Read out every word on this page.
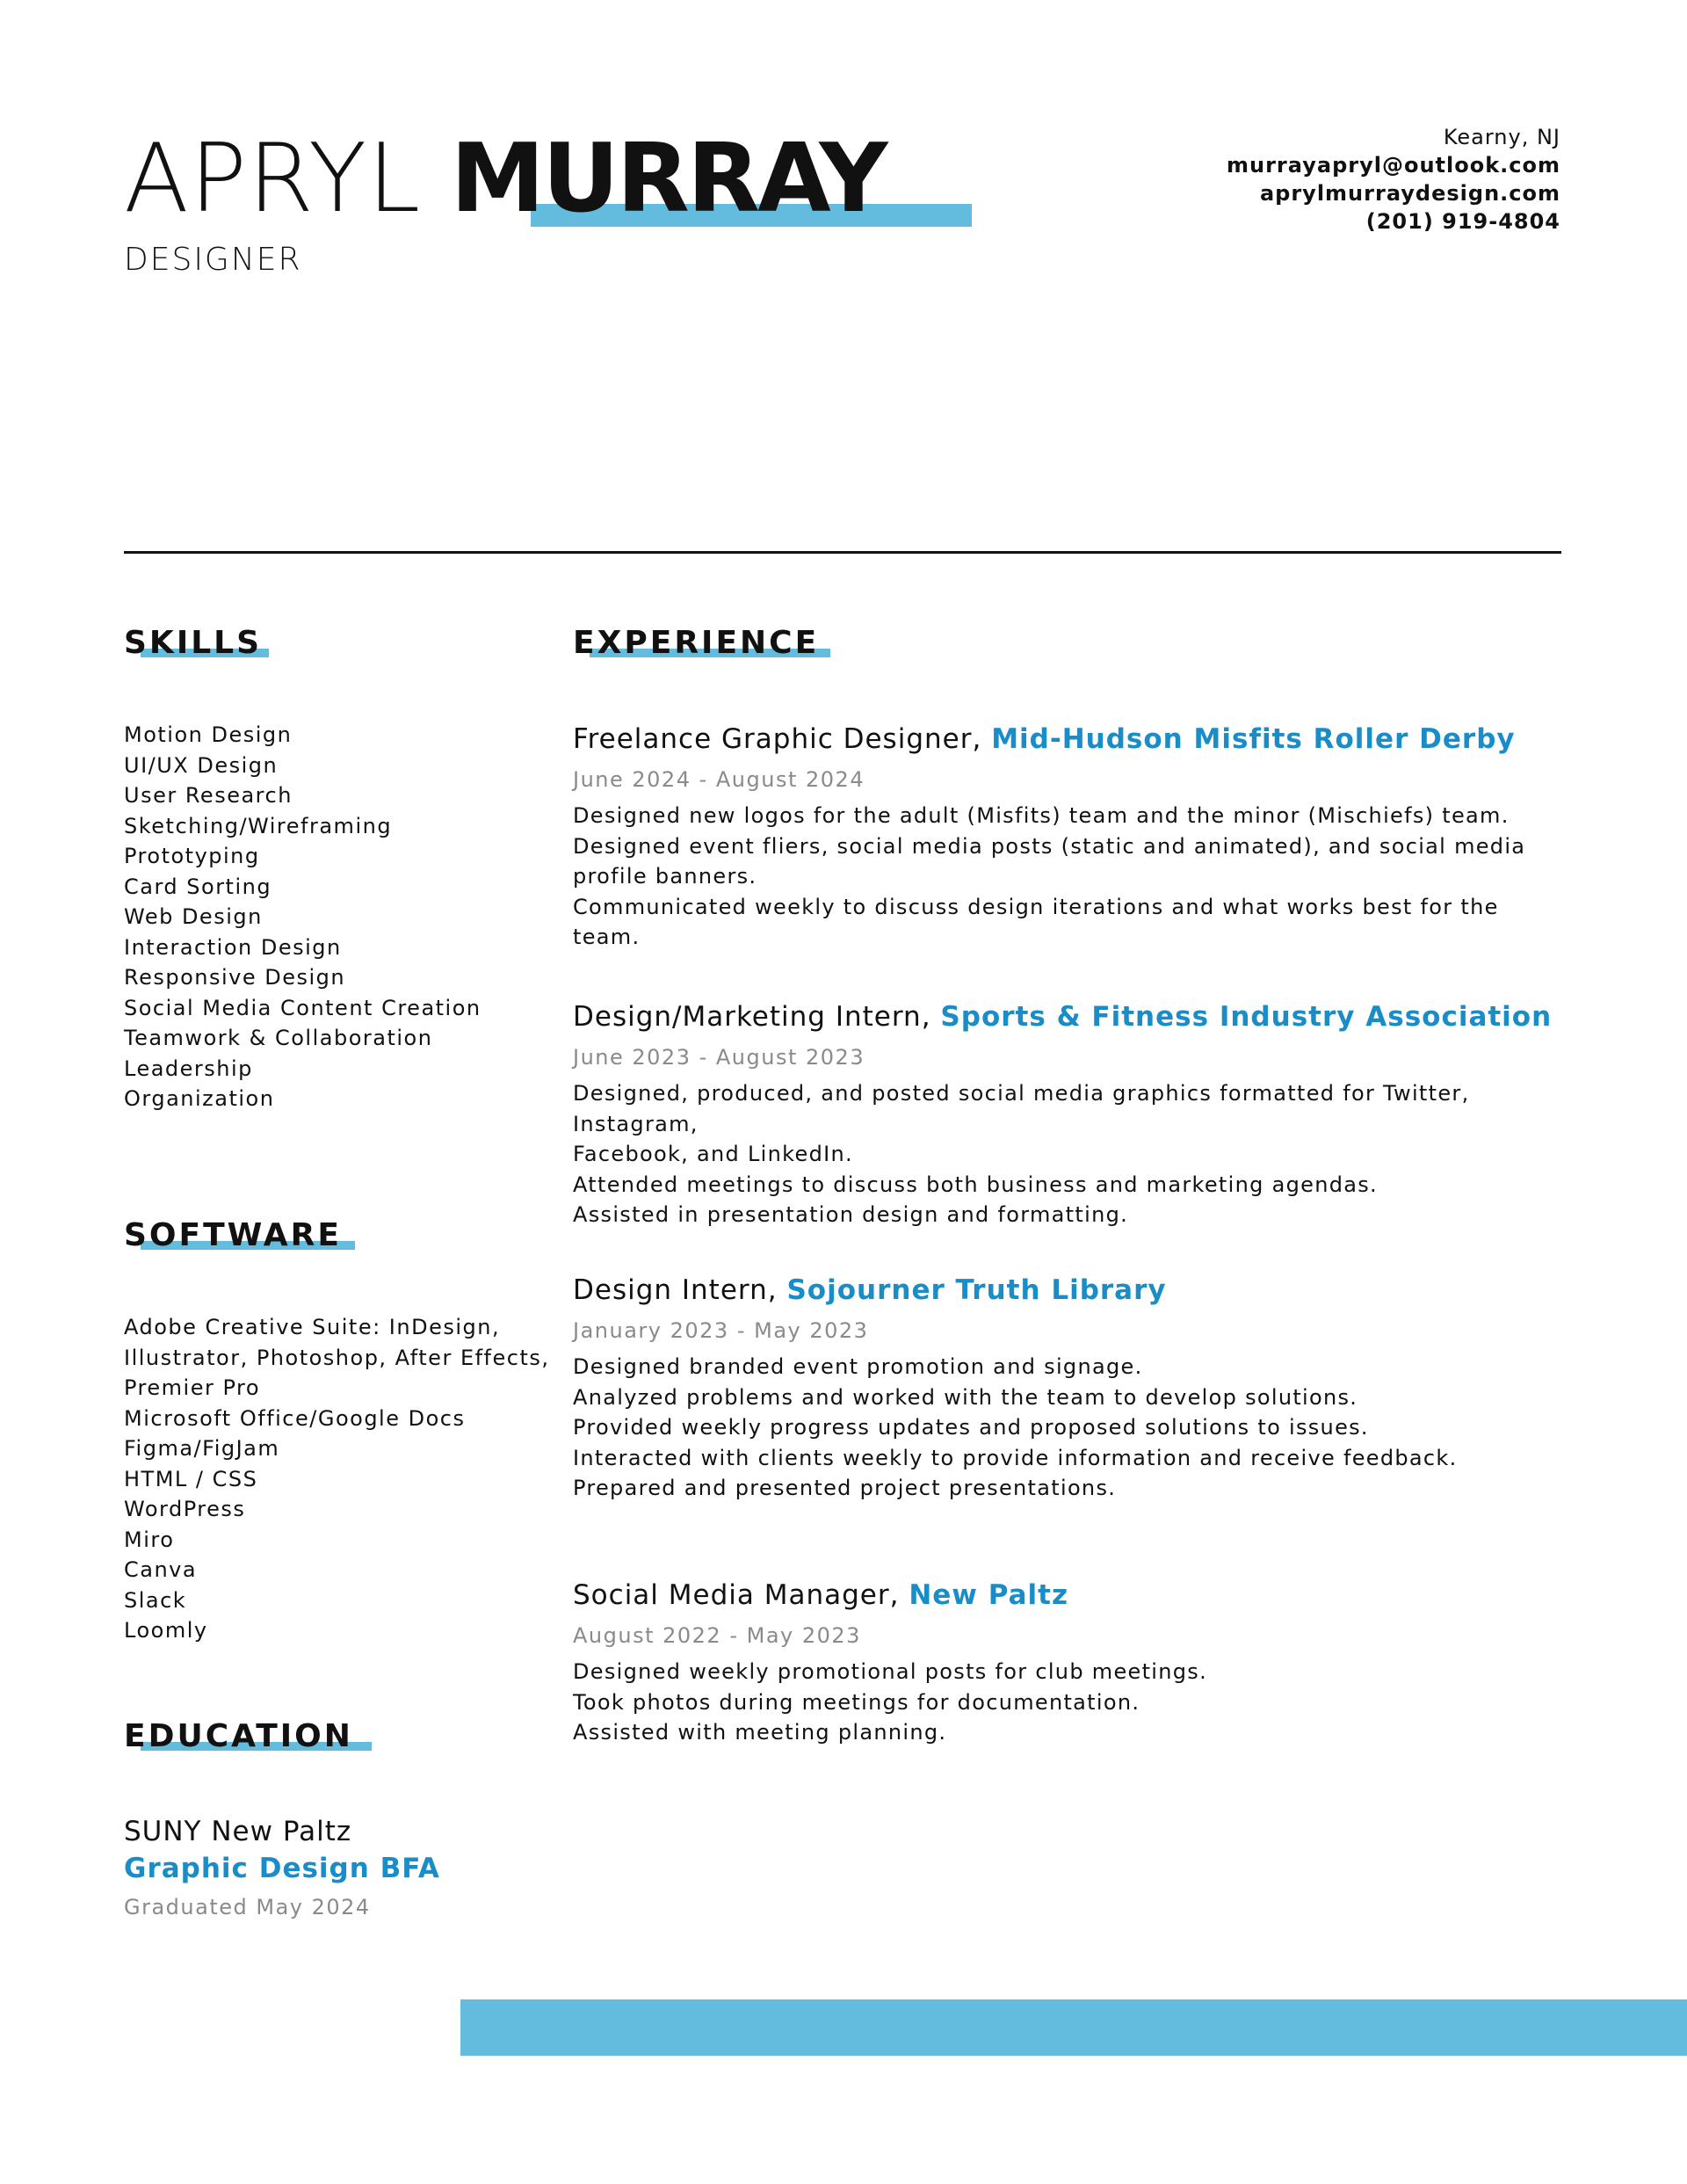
APRYL MURRAY
DESIGNER
Kearny, NJ
murrayapryl@outlook.com
aprylmurraydesign.com
(201) 919-4804
SKILLS
Motion Design
UI/UX Design
User Research
Sketching/Wireframing
Prototyping
Card Sorting
Web Design
Interaction Design
Responsive Design
Social Media Content Creation
Teamwork & Collaboration
Leadership
Organization
SOFTWARE
Adobe Creative Suite: InDesign,
Illustrator, Photoshop, After Effects,
Premier Pro
Microsoft Office/Google Docs
Figma/FigJam
HTML / CSS
WordPress
Miro
Canva
Slack
Loomly
EDUCATION
SUNY New Paltz
Graphic Design BFA
Graduated May 2024
EXPERIENCE
Freelance Graphic Designer, Mid-Hudson Misfits Roller Derby
June 2024 - August 2024
Designed new logos for the adult (Misfits) team and the minor (Mischiefs) team.
Designed event fliers, social media posts (static and animated), and social media
profile banners.
Communicated weekly to discuss design iterations and what works best for the team.
Design/Marketing Intern, Sports & Fitness Industry Association
June 2023 - August 2023
Designed, produced, and posted social media graphics formatted for Twitter, Instagram,
Facebook, and LinkedIn.
Attended meetings to discuss both business and marketing agendas.
Assisted in presentation design and formatting.
Design Intern, Sojourner Truth Library
January 2023 - May 2023
Designed branded event promotion and signage.
Analyzed problems and worked with the team to develop solutions.
Provided weekly progress updates and proposed solutions to issues.
Interacted with clients weekly to provide information and receive feedback.
Prepared and presented project presentations.
Social Media Manager, New Paltz
August 2022 - May 2023
Designed weekly promotional posts for club meetings.
Took photos during meetings for documentation.
Assisted with meeting planning.
